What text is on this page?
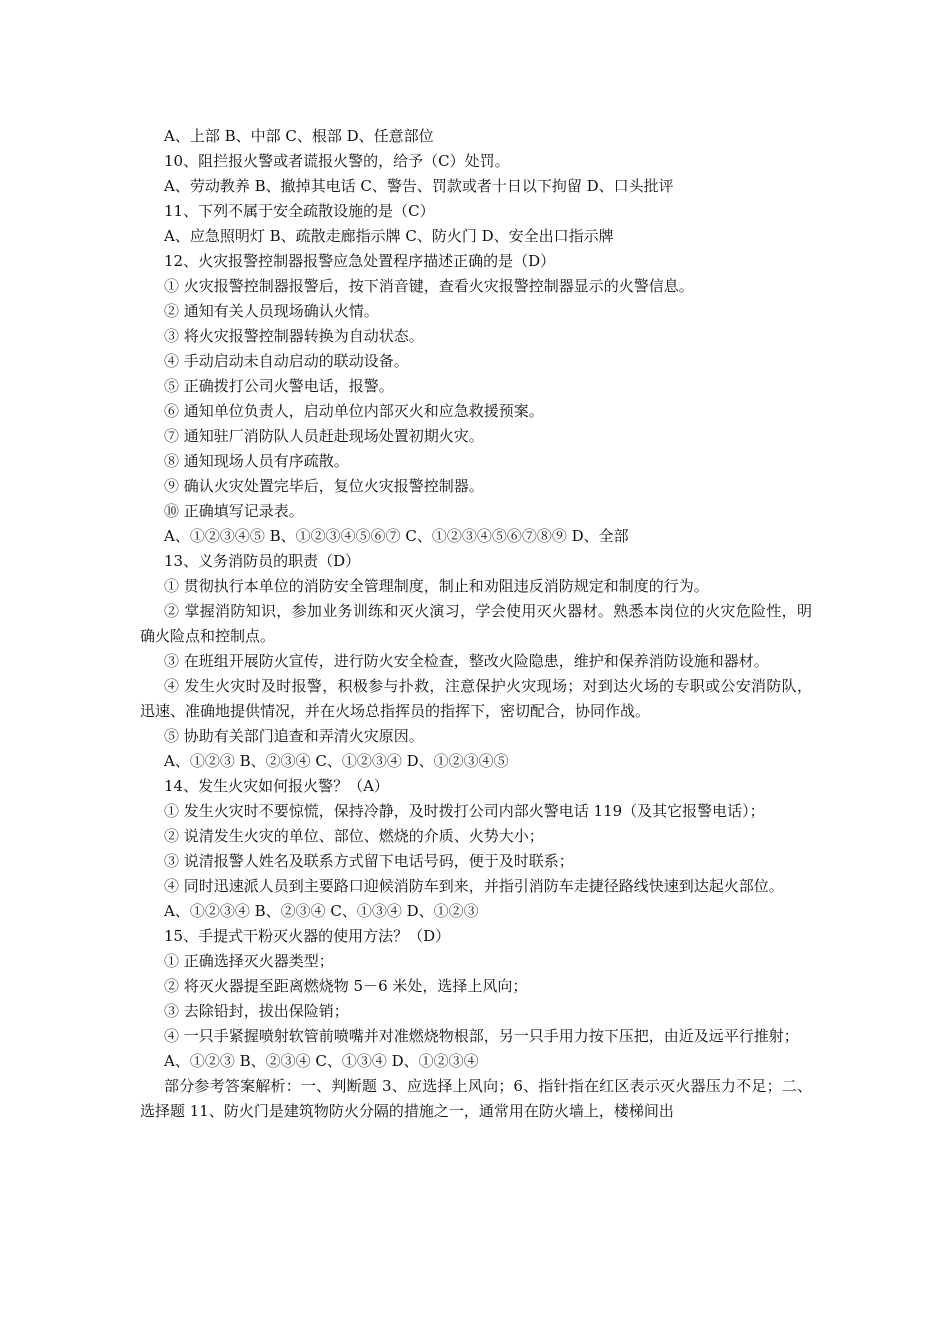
A、上部 B、中部 C、根部 D、任意部位
10、阻拦报火警或者谎报火警的，给予（C）处罚。
A、劳动教养 B、撤掉其电话 C、警告、罚款或者十日以下拘留 D、口头批评
11、下列不属于安全疏散设施的是（C）
A、应急照明灯 B、疏散走廊指示牌 C、防火门 D、安全出口指示牌
12、火灾报警控制器报警应急处置程序描述正确的是（D）
① 火灾报警控制器报警后，按下消音键，查看火灾报警控制器显示的火警信息。
② 通知有关人员现场确认火情。
③ 将火灾报警控制器转换为自动状态。
④ 手动启动未自动启动的联动设备。
⑤ 正确拨打公司火警电话，报警。
⑥ 通知单位负责人，启动单位内部灭火和应急救援预案。
⑦ 通知驻厂消防队人员赶赴现场处置初期火灾。
⑧ 通知现场人员有序疏散。
⑨ 确认火灾处置完毕后，复位火灾报警控制器。
⑩ 正确填写记录表。
A、①②③④⑤ B、①②③④⑤⑥⑦ C、①②③④⑤⑥⑦⑧⑨ D、全部
13、义务消防员的职责（D）
① 贯彻执行本单位的消防安全管理制度，制止和劝阻违反消防规定和制度的行为。
② 掌握消防知识，参加业务训练和灭火演习，学会使用灭火器材。熟悉本岗位的火灾危险性，明确火险点和控制点。
③ 在班组开展防火宣传，进行防火安全检查，整改火险隐患，维护和保养消防设施和器材。
④ 发生火灾时及时报警，积极参与扑救，注意保护火灾现场；对到达火场的专职或公安消防队，迅速、准确地提供情况，并在火场总指挥员的指挥下，密切配合，协同作战。
⑤ 协助有关部门追查和弄清火灾原因。
A、①②③ B、②③④ C、①②③④ D、①②③④⑤
14、发生火灾如何报火警？（A）
① 发生火灾时不要惊慌，保持冷静，及时拨打公司内部火警电话 119（及其它报警电话）；
② 说清发生火灾的单位、部位、燃烧的介质、火势大小；
③ 说清报警人姓名及联系方式留下电话号码，便于及时联系；
④ 同时迅速派人员到主要路口迎候消防车到来，并指引消防车走捷径路线快速到达起火部位。
A、①②③④ B、②③④ C、①③④ D、①②③
15、手提式干粉灭火器的使用方法？（D）
① 正确选择灭火器类型；
② 将灭火器提至距离燃烧物 5－6 米处，选择上风向；
③ 去除铅封，拔出保险销；
④ 一只手紧握喷射软管前喷嘴并对准燃烧物根部，另一只手用力按下压把，由近及远平行推射；
A、①②③ B、②③④ C、①③④ D、①②③④
部分参考答案解析：一、判断题 3、应选择上风向；6、指针指在红区表示灭火器压力不足；二、选择题 11、防火门是建筑物防火分隔的措施之一，通常用在防火墙上，楼梯间出
